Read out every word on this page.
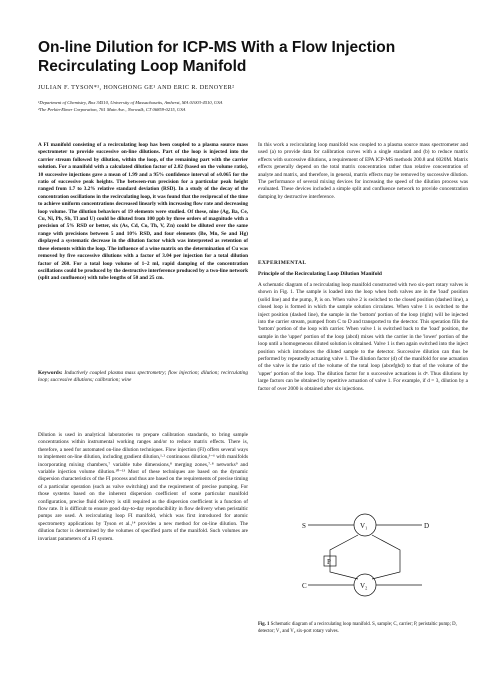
On-line Dilution for ICP-MS With a Flow Injection Recirculating Loop Manifold
JULIAN F. TYSON*¹, HONGHONG GE¹ AND ERIC R. DENOYER²
¹Department of Chemistry, Box 34510, University of Massachusetts, Amherst, MA 01003-4510, USA
²The Perkin-Elmer Corporation, 761 Main Ave., Norwalk, CT 06859-0215, USA

A FI manifold consisting of a recirculating loop has been coupled to a plasma source mass spectrometer to provide successive on-line dilutions. Part of the loop is injected into the carrier stream followed by dilution, within the loop, of the remaining part with the carrier solution. For a manifold with a calculated dilution factor of 2.02 (based on the volume ratio), 10 successive injections gave a mean of 1.99 and a 95% confidence interval of ±0.065 for the ratio of successive peak heights. The between-run precision for a particular peak height ranged from 1.7 to 3.2% relative standard deviation (RSD). In a study of the decay of the concentration oscillations in the recirculating loop, it was found that the reciprocal of the time to achieve uniform concentrations decreased linearly with increasing flow rate and decreasing loop volume. The dilution behaviors of 19 elements were studied. Of these, nine (Ag, Ba, Ce, Cu, Ni, Pb, Sb, Tl and U) could be diluted from 100 ppb by three orders of magnitude with a precision of 5% RSD or better, six (As, Cd, Co, Th, V, Zn) could be diluted over the same range with precisions between 5 and 10% RSD, and four elements (Be, Mn, Se and Hg) displayed a systematic decrease in the dilution factor which was interpreted as retention of these elements within the loop. The influence of a wine matrix on the determination of Cu was removed by five successive dilutions with a factor of 3.04 per injection for a total dilution factor of 260. For a total loop volume of 1–2 ml, rapid damping of the concentration oscillations could be produced by the destructive interference produced by a two-line network (split and confluence) with tube lengths of 50 and 25 cm.

Keywords: Inductively coupled plasma mass spectrometry; flow injection; dilution; recirculating loop; successive dilutions; calibration; wine

Dilution is used in analytical laboratories to prepare calibration standards, to bring sample concentrations within instrumental working ranges and/or to reduce matrix effects. There is, therefore, a need for automated on-line dilution techniques. Flow injection (FI) offers several ways to implement on-line dilution, including gradient dilution,¹·² continuous dilution,³⁻⁶ with manifolds incorporating mixing chambers,⁷ variable tube dimensions,⁸ merging zones,⁷·⁸ networks⁹ and variable injection volume dilution.¹⁰⁻¹³ Most of these techniques are based on the dynamic dispersion characteristics of the FI process and thus are based on the requirements of precise timing of a particular operation (such as valve switching) and the requirement of precise pumping. For those systems based on the inherent dispersion coefficient of some particular manifold configuration, precise fluid delivery is still required as the dispersion coefficient is a function of flow rate. It is difficult to ensure good day-to-day reproducibility in flow delivery when peristaltic pumps are used. A recirculating loop FI manifold, which was first introduced for atomic spectrometry applications by Tyson et al.,¹⁴ provides a new method for on-line dilution. The dilution factor is determined by the volumes of specified parts of the manifold. Such volumes are invariant parameters of a FI system.

In this work a recirculating loop manifold was coupled to a plasma source mass spectrometer and used (a) to provide data for calibration curves with a single standard and (b) to reduce matrix effects with successive dilutions, a requirement of EPA ICP-MS methods 200.8 and 6020M. Matrix effects generally depend on the total matrix concentration rather than relative concentration of analyte and matrix, and therefore, in general, matrix effects may be removed by successive dilution. The performance of several mixing devices for increasing the speed of the dilution process was evaluated. These devices included a simple split and confluence network to provide concentration damping by destructive interference.

EXPERIMENTAL
Principle of the Recirculating Loop Dilution Manifold

A schematic diagram of a recirculating loop manifold constructed with two six-port rotary valves is shown in Fig. 1. The sample is loaded into the loop when both valves are in the 'load' position (solid line) and the pump, P, is on. When valve 2 is switched to the closed position (dashed line), a closed loop is formed in which the sample solution circulates. When valve 1 is switched to the inject position (dashed line), the sample in the 'bottom' portion of the loop (right) will be injected into the carrier stream, pumped from C to D and transported to the detector. This operation fills the 'bottom' portion of the loop with carrier. When valve 1 is switched back to the 'load' position, the sample in the 'upper' portion of the loop (abcd) mixes with the carrier in the 'lower' portion of the loop until a homogeneous diluted solution is obtained. Valve 1 is then again switched into the inject position which introduces the diluted sample to the detector. Successive dilution can thus be performed by repeatedly actuating valve 1. The dilution factor (d) of the manifold for one actuation of the valve is the ratio of the volume of the total loop (abcefghd) to that of the volume of the 'upper' portion of the loop. The dilution factor for n successive actuations is dⁿ. Thus dilutions by large factors can be obtained by repetitive actuation of valve 1. For example, if d = 3, dilution by a factor of over 2000 is obtained after six injections.

S
C
D
P
V₁
V₂

Fig. 1 Schematic diagram of a recirculating loop manifold. S, sample; C, carrier; P, peristaltic pump; D, detector; V₁ and V₂ six-port rotary valves.
